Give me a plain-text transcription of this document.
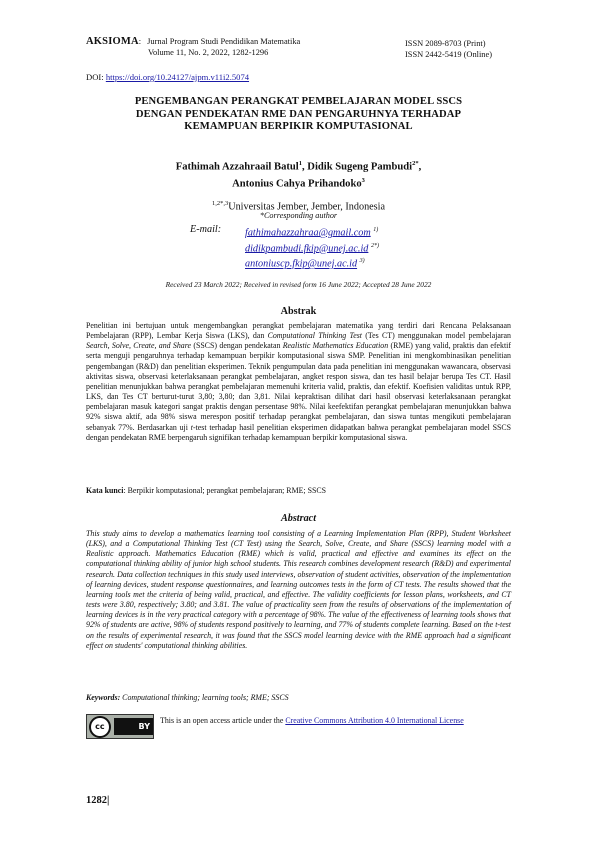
AKSIOMA: Jurnal Program Studi Pendidikan Matematika
Volume 11, No. 2, 2022, 1282-1296
ISSN 2089-8703 (Print)
ISSN 2442-5419 (Online)
DOI: https://doi.org/10.24127/ajpm.v11i2.5074
PENGEMBANGAN PERANGKAT PEMBELAJARAN MODEL SSCS
DENGAN PENDEKATAN RME DAN PENGARUHNYA TERHADAP
KEMAMPUAN BERPIKIR KOMPUTASIONAL
Fathimah Azzahraail Batul$^1$, Didik Sugeng Pambudi$^{2*}$,
Antonius Cahya Prihandoko$^3$
$^{1,2*,3}$Universitas Jember, Jember, Indonesia
*Corresponding author
E-mail: fathimahazzahraa@gmail.com $^{1)}$
didikpambudi.fkip@unej.ac.id $^{2*)}$
antoniuscp.fkip@unej.ac.id $^{3)}$
Received 23 March 2022; Received in revised form 16 June 2022; Accepted 28 June 2022
Abstrak
Penelitian ini bertujuan untuk mengembangkan perangkat pembelajaran matematika yang terdiri dari Rencana Pelaksanaan Pembelajaran (RPP), Lembar Kerja Siswa (LKS), dan Computational Thinking Test (Tes CT) menggunakan model pembelajaran Search, Solve, Create, and Share (SSCS) dengan pendekatan Realistic Mathematics Education (RME) yang valid, praktis dan efektif serta menguji pengaruhnya terhadap kemampuan berpikir komputasional siswa SMP. Penelitian ini mengkombinasikan penelitian pengembangan (R&D) dan penelitian eksperimen. Teknik pengumpulan data pada penelitian ini menggunakan wawancara, observasi aktivitas siswa, observasi keterlaksanaan perangkat pembelajaran, angket respon siswa, dan tes hasil belajar berupa Tes CT. Hasil penelitian menunjukkan bahwa perangkat pembelajaran memenuhi kriteria valid, praktis, dan efektif. Koefisien validitas untuk RPP, LKS, dan Tes CT berturut-turut 3,80; 3,80; dan 3,81. Nilai kepraktisan dilihat dari hasil observasi keterlaksanaan perangkat pembelajaran masuk kategori sangat praktis dengan persentase 98%. Nilai keefektifan perangkat pembelajaran menunjukkan bahwa 92% siswa aktif, ada 98% siswa merespon positif terhadap perangkat pembelajaran, dan siswa tuntas mengikuti pembelajaran sebanyak 77%. Berdasarkan uji t-test terhadap hasil penelitian eksperimen didapatkan bahwa perangkat pembelajaran model SSCS dengan pendekatan RME berpengaruh signifikan terhadap kemampuan berpikir komputasional siswa.
Kata kunci: Berpikir komputasional; perangkat pembelajaran; RME; SSCS
Abstract
This study aims to develop a mathematics learning tool consisting of a Learning Implementation Plan (RPP), Student Worksheet (LKS), and a Computational Thinking Test (CT Test) using the Search, Solve, Create, and Share (SSCS) learning model with a Realistic approach. Mathematics Education (RME) which is valid, practical and effective and examines its effect on the computational thinking ability of junior high school students. This research combines development research (R&D) and experimental research. Data collection techniques in this study used interviews, observation of student activities, observation of the implementation of learning devices, student response questionnaires, and learning outcomes tests in the form of CT tests. The results showed that the learning tools met the criteria of being valid, practical, and effective. The validity coefficients for lesson plans, worksheets, and CT tests were 3.80, respectively; 3.80; and 3.81. The value of practicality seen from the results of observations of the implementation of learning devices is in the very practical category with a percentage of 98%. The value of the effectiveness of learning tools shows that 92% of students are active, 98% of students respond positively to learning, and 77% of students complete learning. Based on the t-test on the results of experimental research, it was found that the SSCS model learning device with the RME approach had a significant effect on students' computational thinking abilities.
Keywords: Computational thinking; learning tools; RME; SSCS
cc	BY
This is an open access article under the Creative Commons Attribution 4.0 International License
1282|
